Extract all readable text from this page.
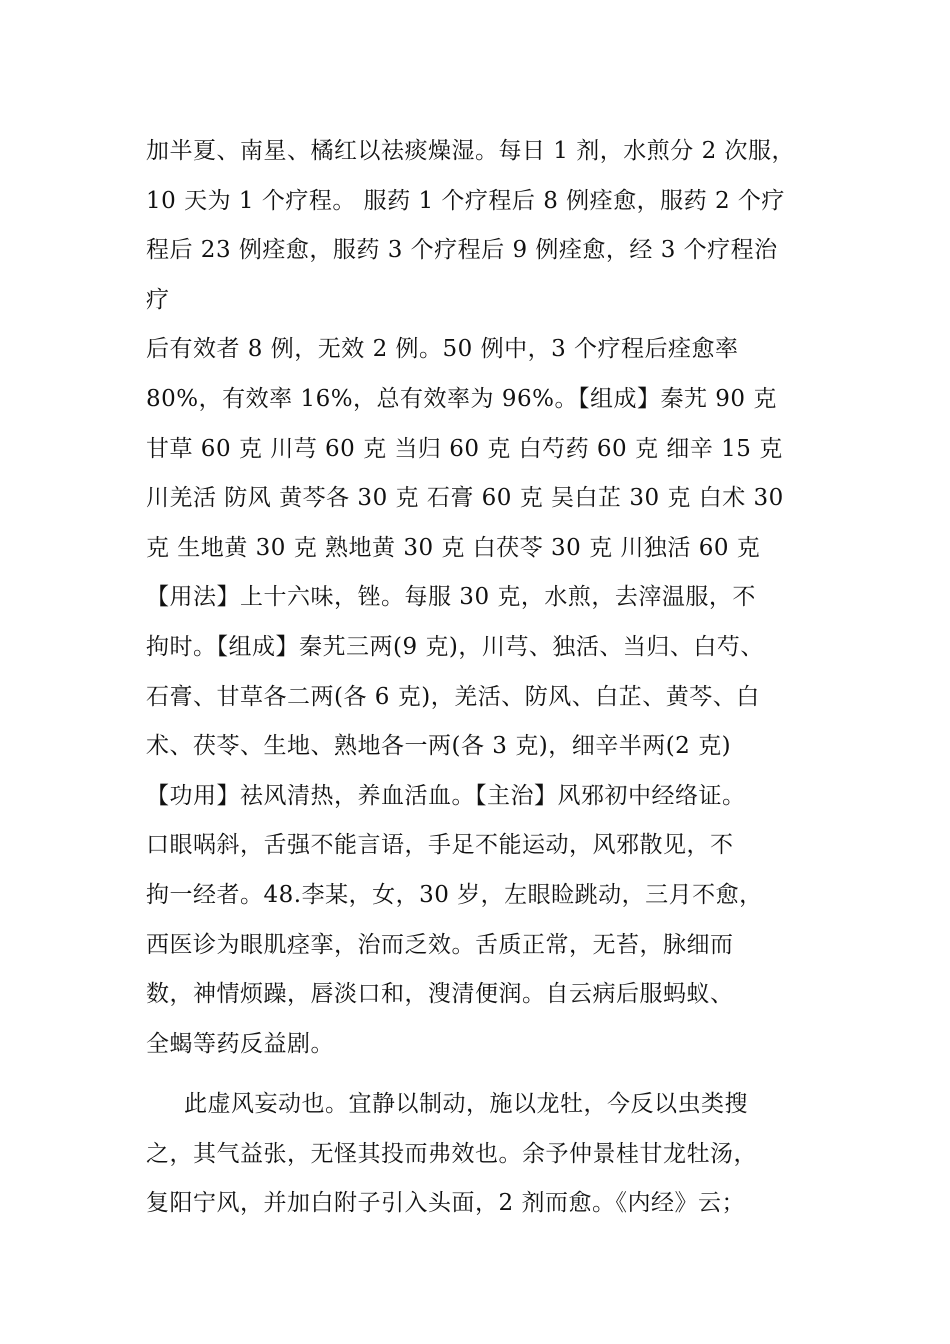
加半夏、南星、橘红以祛痰燥湿。每日 1 剂，水煎分 2 次服，
10 天为 1 个疗程。 服药 1 个疗程后 8 例痊愈，服药 2 个疗
程后 23 例痊愈，服药 3 个疗程后 9 例痊愈，经 3 个疗程治
疗
后有效者 8 例，无效 2 例。50 例中，3 个疗程后痊愈率
80%，有效率 16%，总有效率为 96%。【组成】秦艽 90 克
甘草 60 克 川芎 60 克 当归 60 克 白芍药 60 克 细辛 15 克
川羌活 防风 黄芩各 30 克 石膏 60 克 吴白芷 30 克 白术 30
克 生地黄 30 克 熟地黄 30 克 白茯苓 30 克 川独活 60 克
【用法】上十六味，锉。每服 30 克，水煎，去滓温服，不
拘时。【组成】秦艽三两(9 克)，川芎、独活、当归、白芍、
石膏、甘草各二两(各 6 克)，羌活、防风、白芷、黄芩、白
术、茯苓、生地、熟地各一两(各 3 克)，细辛半两(2 克)
【功用】祛风清热，养血活血。【主治】风邪初中经络证。
口眼㖞斜，舌强不能言语，手足不能运动，风邪散见，不
拘一经者。48.李某，女，30 岁，左眼睑跳动，三月不愈，
西医诊为眼肌痉挛，治而乏效。舌质正常，无苔，脉细而
数，神情烦躁，唇淡口和，溲清便润。自云病后服蚂蚁、
全蝎等药反益剧。
此虚风妄动也。宜静以制动，施以龙牡，今反以虫类搜
之，其气益张，无怪其投而弗效也。余予仲景桂甘龙牡汤，
复阳宁风，并加白附子引入头面，2 剂而愈。《内经》云；
